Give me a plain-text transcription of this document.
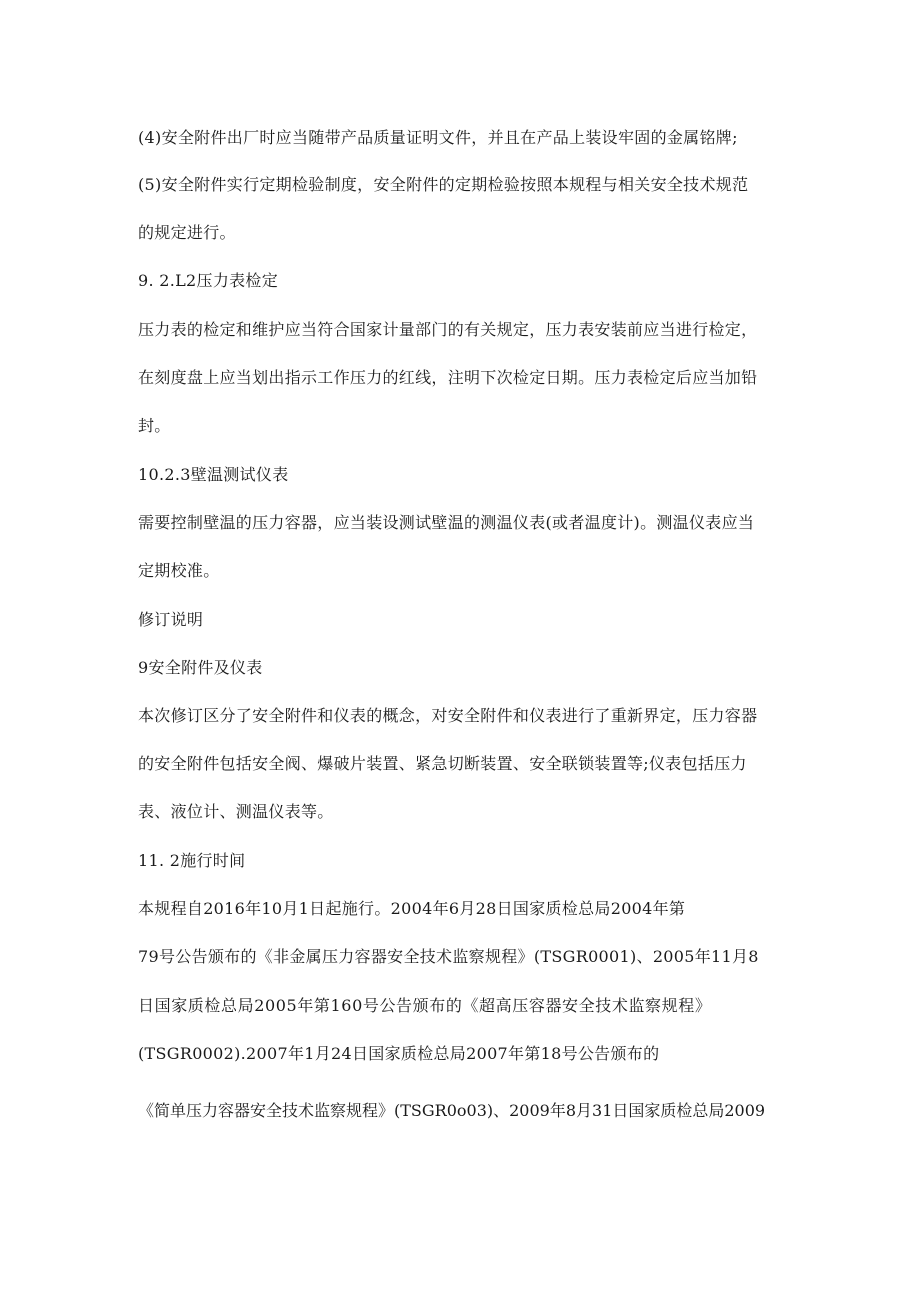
(4)安全附件出厂时应当随带产品质量证明文件，并且在产品上装设牢固的金属铭牌;
(5)安全附件实行定期检验制度，安全附件的定期检验按照本规程与相关安全技术规范
的规定进行。
9. 2.L2压力表检定
压力表的检定和维护应当符合国家计量部门的有关规定，压力表安装前应当进行检定，
在刻度盘上应当划出指示工作压力的红线，注明下次检定日期。压力表检定后应当加铅
封。
10.2.3壁温测试仪表
需要控制壁温的压力容器，应当装设测试壁温的测温仪表(或者温度计)。测温仪表应当
定期校准。
修订说明
9安全附件及仪表
本次修订区分了安全附件和仪表的概念，对安全附件和仪表进行了重新界定，压力容器
的安全附件包括安全阀、爆破片装置、紧急切断装置、安全联锁装置等;仪表包括压力
表、液位计、测温仪表等。
11. 2施行时间
本规程自2016年10月1日起施行。2004年6月28日国家质检总局2004年第
79号公告颁布的《非金属压力容器安全技术监察规程》(TSGR0001)、2005年11月8
日国家质检总局2005年第160号公告颁布的《超高压容器安全技术监察规程》
(TSGR0002).2007年1月24日国家质检总局2007年第18号公告颁布的
《简单压力容器安全技术监察规程》(TSGR0o03)、2009年8月31日国家质检总局2009
